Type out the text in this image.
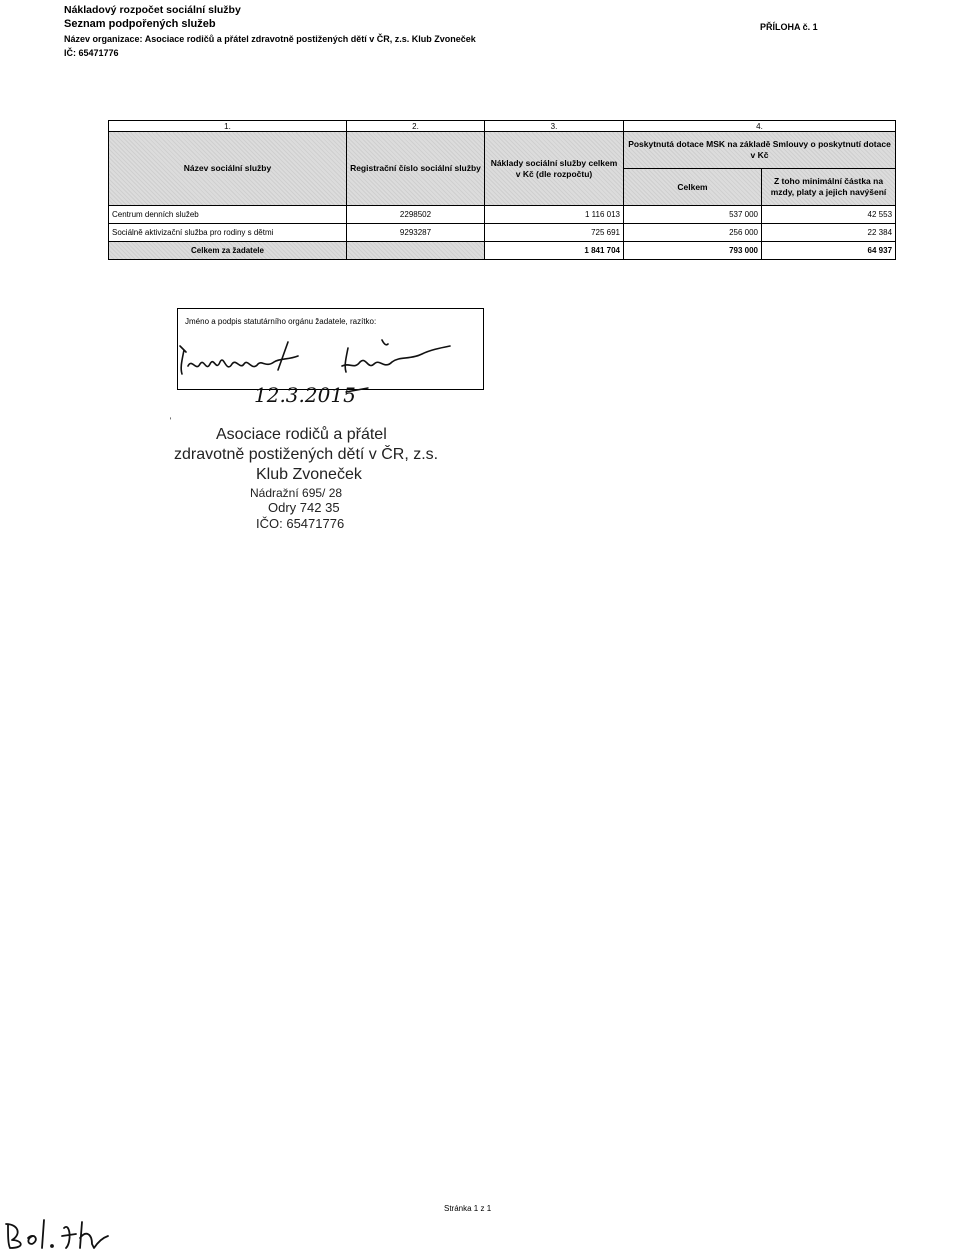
Nákladový rozpočet sociální služby
Seznam podpořených služeb
Název organizace: Asociace rodičů a přátel zdravotně postižených dětí v ČR, z.s. Klub Zvoneček
IČ: 65471776
PŘÍLOHA č. 1
1.	2.	3.	4.	
Název sociální služby	Registrační číslo sociální služby	Náklady sociální služby celkem v Kč (dle rozpočtu)	Poskytnutá dotace MSK na základě Smlouvy o poskytnutí dotace v Kč	
			Celkem	Z toho minimální částka na mzdy, platy a jejich navýšení
Centrum denních služeb	2298502	1 116 013	537 000	42 553
Sociálně aktivizační služba pro rodiny s dětmi	9293287	725 691	256 000	22 384
Celkem za žadatele		1 841 704	793 000	64 937
Jméno a podpis statutárního orgánu žadatele, razítko:
12.3.2015
Asociace rodičů a přátel
zdravotně postižených dětí v ČR, z.s.
Klub Zvoneček
Nádražní 695/ 28
Odry 742 35
IČO: 65471776
Stránka 1 z 1
